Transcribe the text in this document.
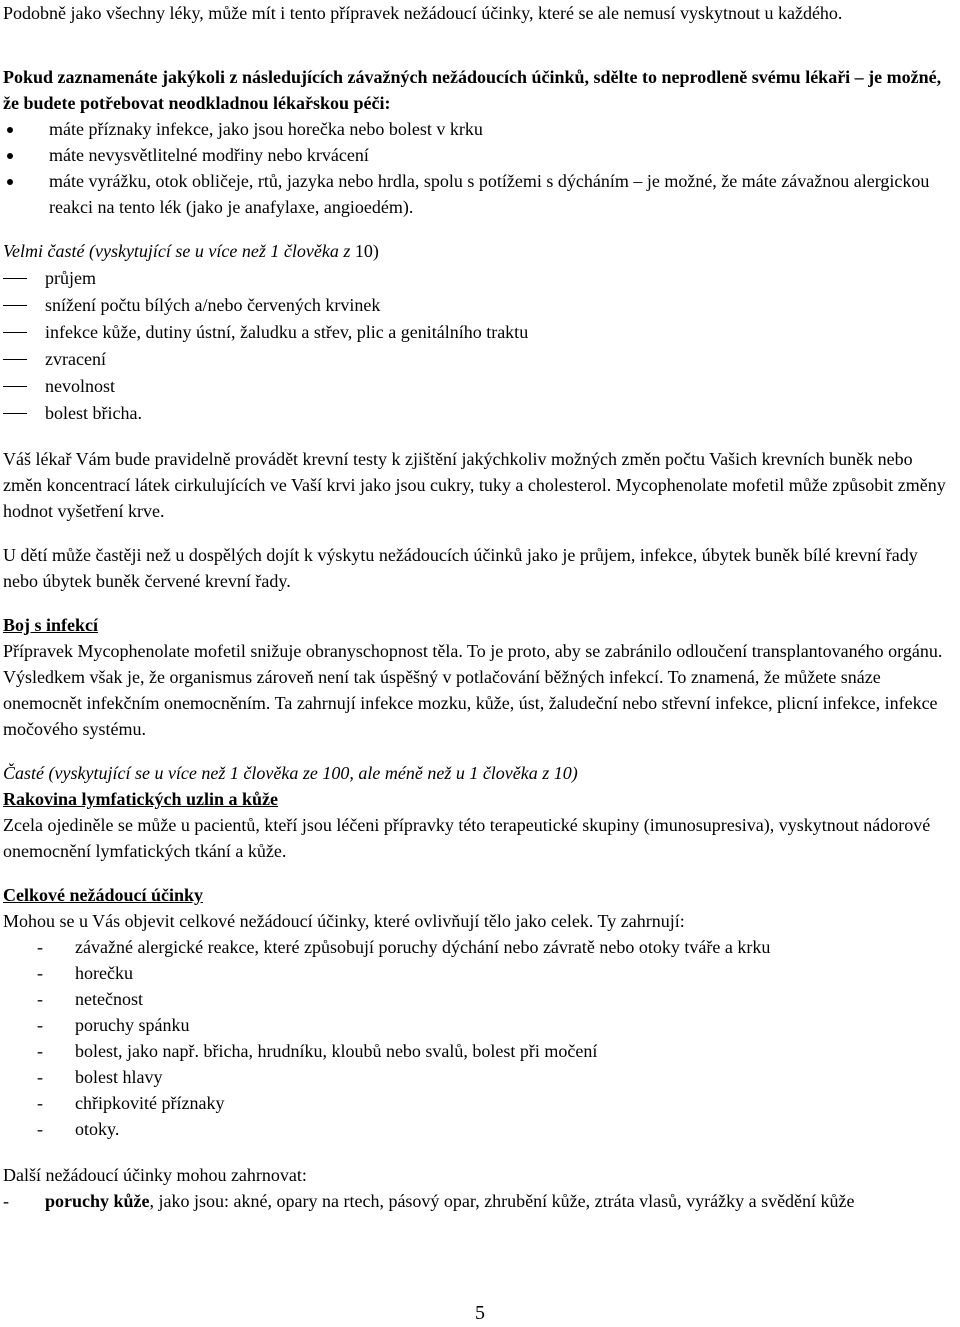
Podobně jako všechny léky, může mít i tento přípravek nežádoucí účinky, které se ale nemusí vyskytnout u každého.

Pokud zaznamenáte jakýkoli z následujících závažných nežádoucích účinků, sdělte to neprodleně svému lékaři – je možné, že budete potřebovat neodkladnou lékařskou péči:

máte příznaky infekce, jako jsou horečka nebo bolest v krku
máte nevysvětlitelné modřiny nebo krvácení
máte vyrážku, otok obličeje, rtů, jazyka nebo hrdla, spolu s potížemi s dýcháním – je možné, že máte závažnou alergickou reakci na tento lék (jako je anafylaxe, angioedém).

Velmi časté (vyskytující se u více než 1 člověka z 10)

průjem
snížení počtu bílých a/nebo červených krvinek
infekce kůže, dutiny ústní, žaludku a střev, plic a genitálního traktu
zvracení
nevolnost
bolest břicha.

Váš lékař Vám bude pravidelně provádět krevní testy k zjištění jakýchkoliv možných změn počtu Vašich krevních buněk nebo změn koncentrací látek cirkulujících ve Vaší krvi jako jsou cukry, tuky a cholesterol. Mycophenolate mofetil může způsobit změny hodnot vyšetření krve.

U dětí může častěji než u dospělých dojít k výskytu nežádoucích účinků jako je průjem, infekce, úbytek buněk bílé krevní řady nebo úbytek buněk červené krevní řady.

Boj s infekcí

Přípravek Mycophenolate mofetil snižuje obranyschopnost těla. To je proto, aby se zabránilo odloučení transplantovaného orgánu. Výsledkem však je, že organismus zároveň není tak úspěšný v potlačování běžných infekcí. To znamená, že můžete snáze onemocnět infekčním onemocněním. Ta zahrnují infekce mozku, kůže, úst, žaludeční nebo střevní infekce, plicní infekce, infekce močového systému.

Časté (vyskytující se u více než 1 člověka ze 100, ale méně než u 1 člověka z 10)

Rakovina lymfatických uzlin a kůže

Zcela ojediněle se může u pacientů, kteří jsou léčeni přípravky této terapeutické skupiny (imunosupresiva), vyskytnout nádorové onemocnění lymfatických tkání a kůže.

Celkové nežádoucí účinky

Mohou se u Vás objevit celkové nežádoucí účinky, které ovlivňují tělo jako celek. Ty zahrnují:

- závažné alergické reakce, které způsobují poruchy dýchání nebo závratě nebo otoky tváře a krku
- horečku
- netečnost
- poruchy spánku
- bolest, jako např. břicha, hrudníku, kloubů nebo svalů, bolest při močení
- bolest hlavy
- chřipkovité příznaky
- otoky.

Další nežádoucí účinky mohou zahrnovat:

- poruchy kůže, jako jsou: akné, opary na rtech, pásový opar, zhrubění kůže, ztráta vlasů, vyrážky a svědění kůže
5
